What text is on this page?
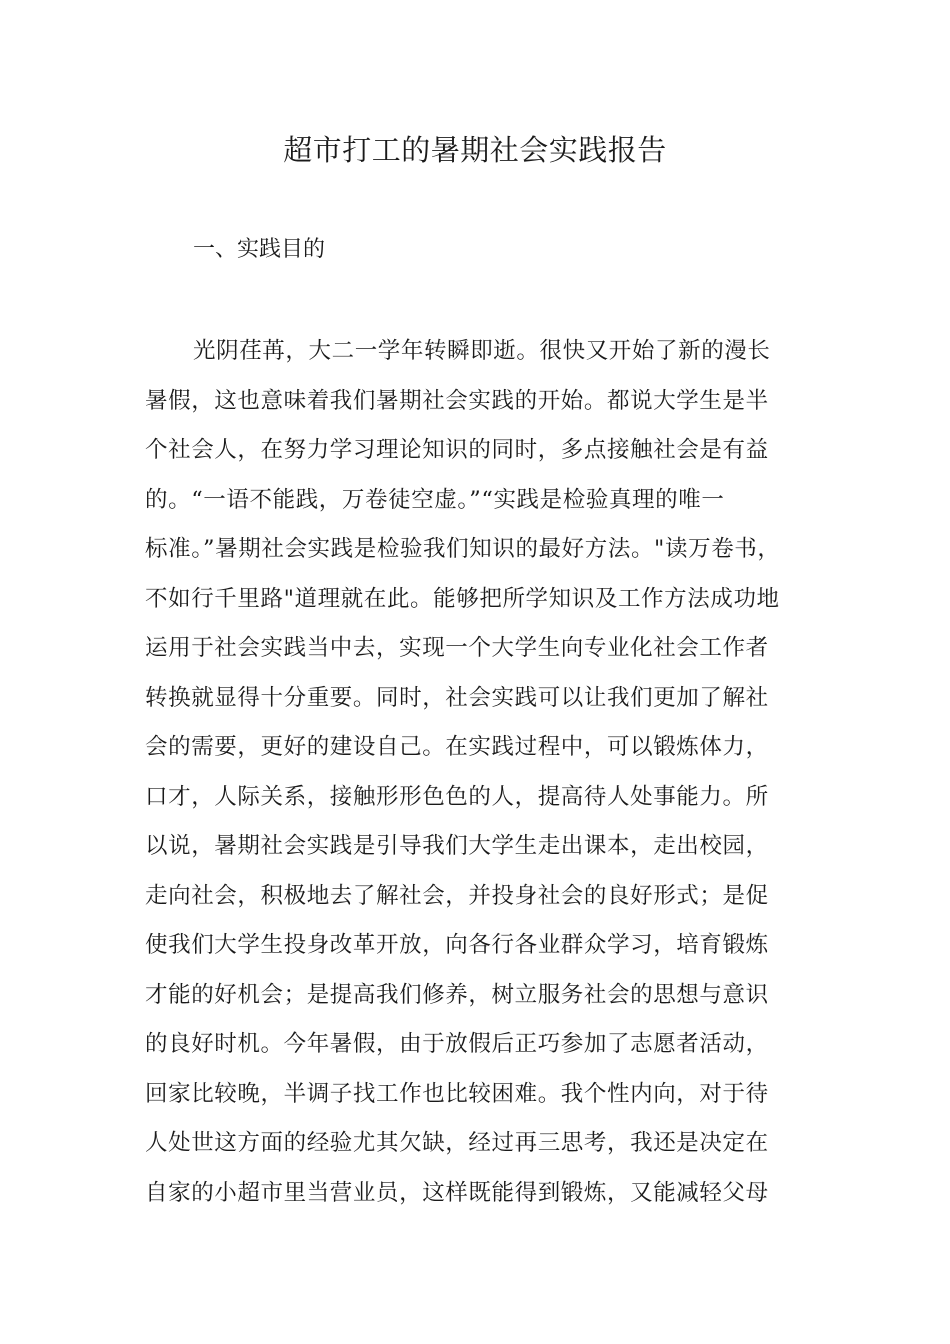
超市打工的暑期社会实践报告
一、实践目的
光阴荏苒，大二一学年转瞬即逝。很快又开始了新的漫长
暑假，这也意味着我们暑期社会实践的开始。都说大学生是半
个社会人，在努力学习理论知识的同时，多点接触社会是有益
的。“一语不能践，万卷徒空虚。”“实践是检验真理的唯一
标准。”暑期社会实践是检验我们知识的最好方法。"读万卷书，
不如行千里路"道理就在此。能够把所学知识及工作方法成功地
运用于社会实践当中去，实现一个大学生向专业化社会工作者
转换就显得十分重要。同时，社会实践可以让我们更加了解社
会的需要，更好的建设自己。在实践过程中，可以锻炼体力，
口才，人际关系，接触形形色色的人，提高待人处事能力。所
以说，暑期社会实践是引导我们大学生走出课本，走出校园，
走向社会，积极地去了解社会，并投身社会的良好形式；是促
使我们大学生投身改革开放，向各行各业群众学习，培育锻炼
才能的好机会；是提高我们修养，树立服务社会的思想与意识
的良好时机。今年暑假，由于放假后正巧参加了志愿者活动，
回家比较晚，半调子找工作也比较困难。我个性内向，对于待
人处世这方面的经验尤其欠缺，经过再三思考，我还是决定在
自家的小超市里当营业员，这样既能得到锻炼，又能减轻父母
